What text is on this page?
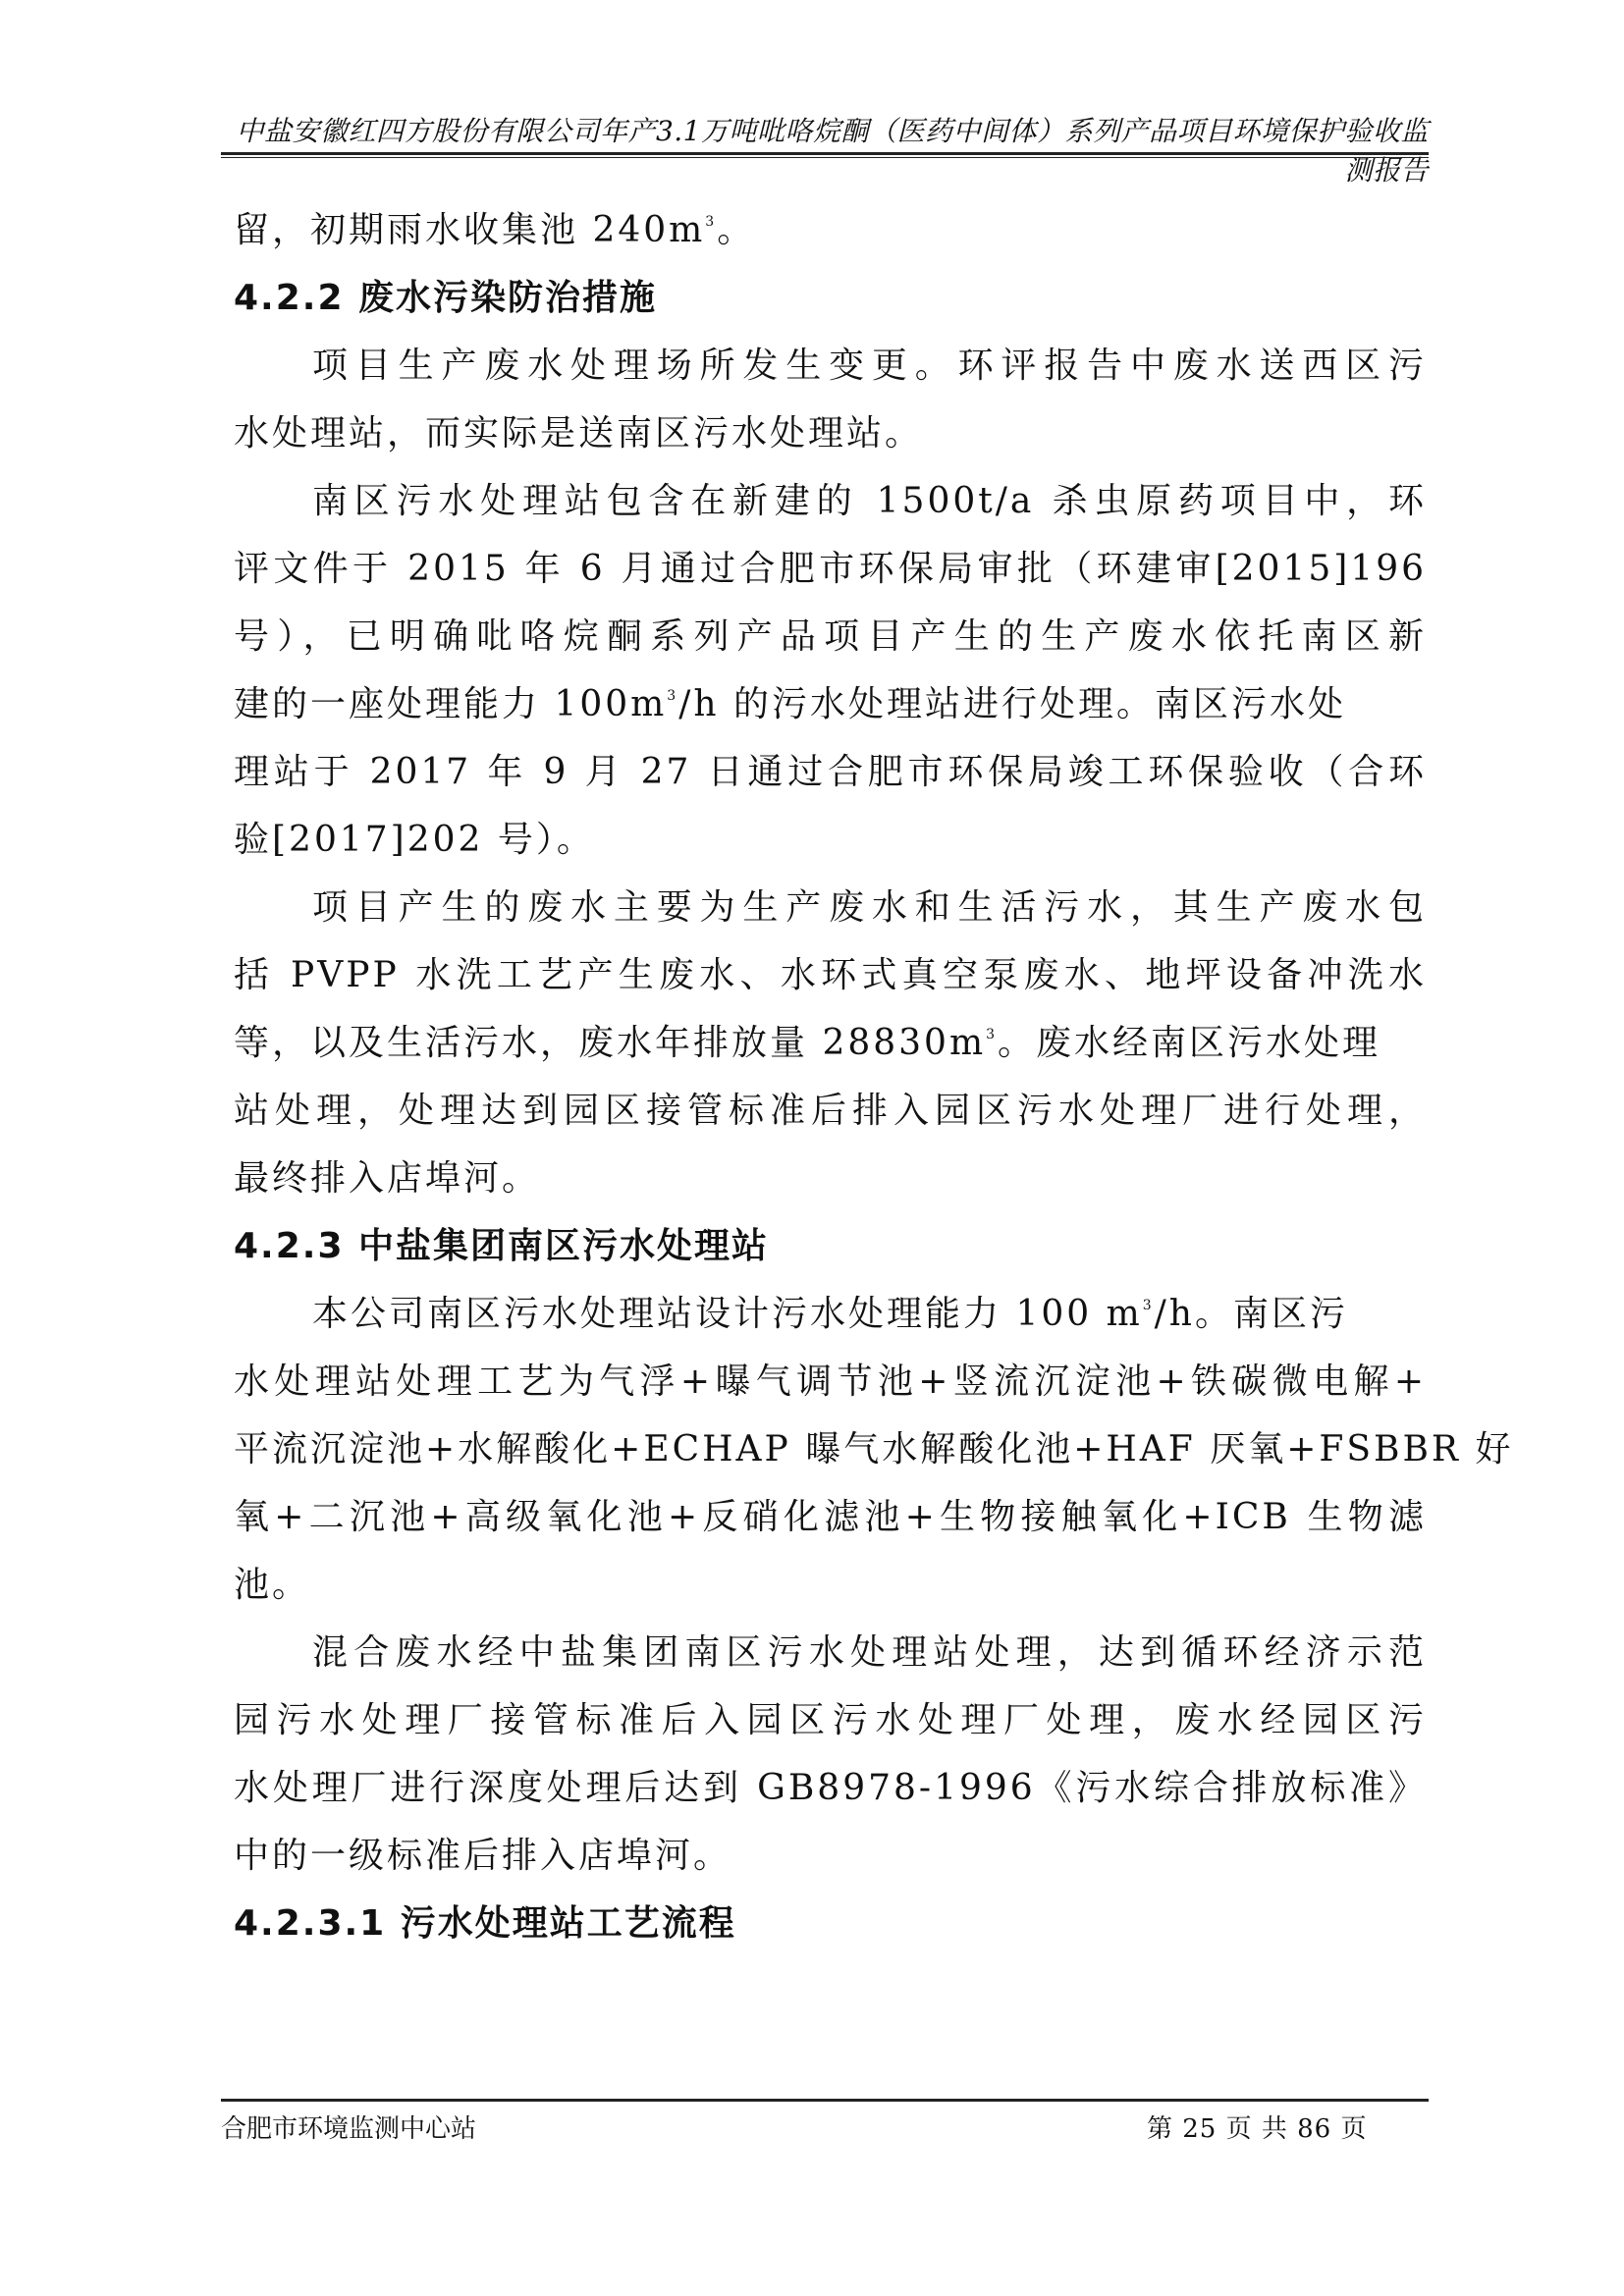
中盐安徽红四方股份有限公司年产3.1万吨吡咯烷酮（医药中间体）系列产品项目环境保护验收监测报告

留，初期雨水收集池 $240m^3$。

4.2.2 废水污染防治措施

项目生产废水处理场所发生变更。环评报告中废水送西区污

水处理站，而实际是送南区污水处理站。

南区污水处理站包含在新建的 1500t/a 杀虫原药项目中，环

评文件于 2015 年 6 月通过合肥市环保局审批（环建审[2015]196

号），已明确吡咯烷酮系列产品项目产生的生产废水依托南区新

建的一座处理能力 $100m^3/h$ 的污水处理站进行处理。南区污水处

理站于 2017 年 9 月 27 日通过合肥市环保局竣工环保验收（合环

验[2017]202 号）。

项目产生的废水主要为生产废水和生活污水，其生产废水包

括 PVPP 水洗工艺产生废水、水环式真空泵废水、地坪设备冲洗水

等，以及生活污水，废水年排放量 $28830m^3$。废水经南区污水处理

站处理，处理达到园区接管标准后排入园区污水处理厂进行处理，

最终排入店埠河。

4.2.3 中盐集团南区污水处理站

本公司南区污水处理站设计污水处理能力 100 $m^3/h$。南区污

水处理站处理工艺为气浮+曝气调节池+竖流沉淀池+铁碳微电解+

平流沉淀池+水解酸化+ECHAP 曝气水解酸化池+HAF 厌氧+FSBBR 好

氧+二沉池+高级氧化池+反硝化滤池+生物接触氧化+ICB 生物滤

池。

混合废水经中盐集团南区污水处理站处理，达到循环经济示范

园污水处理厂接管标准后入园区污水处理厂处理，废水经园区污

水处理厂进行深度处理后达到 GB8978-1996《污水综合排放标准》

中的一级标准后排入店埠河。

4.2.3.1 污水处理站工艺流程

合肥市环境监测中心站	第 25 页 共 86 页
